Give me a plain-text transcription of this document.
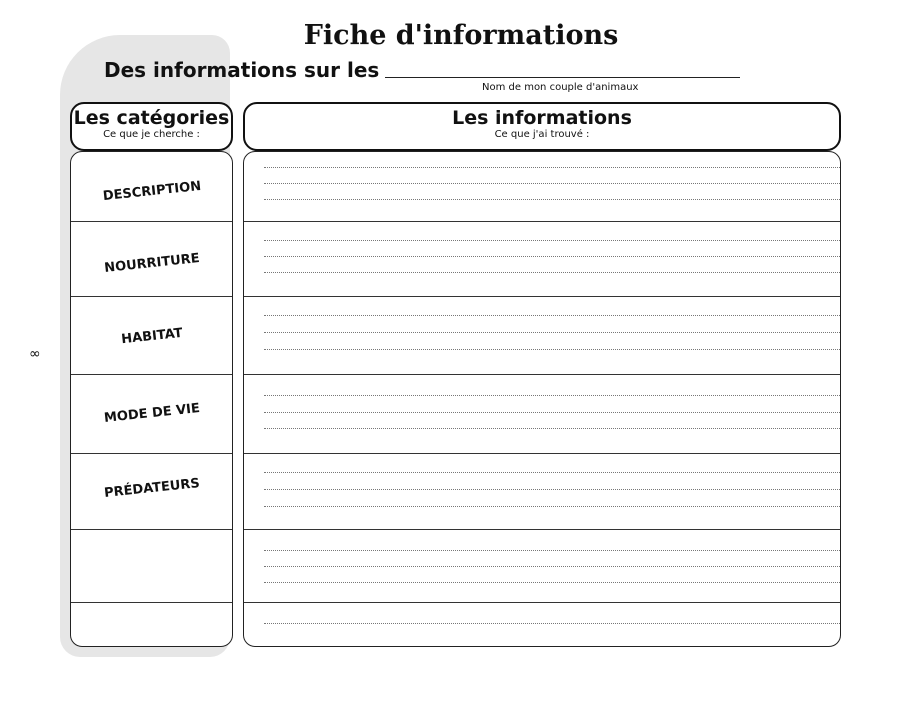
Fiche d'informations
Des informations sur les
Nom de mon couple d'animaux
∞
Les catégories
Ce que je cherche :
Les informations
Ce que j'ai trouvé :
DESCRIPTION
NOURRITURE
HABITAT
MODE DE VIE
PRÉDATEURS
